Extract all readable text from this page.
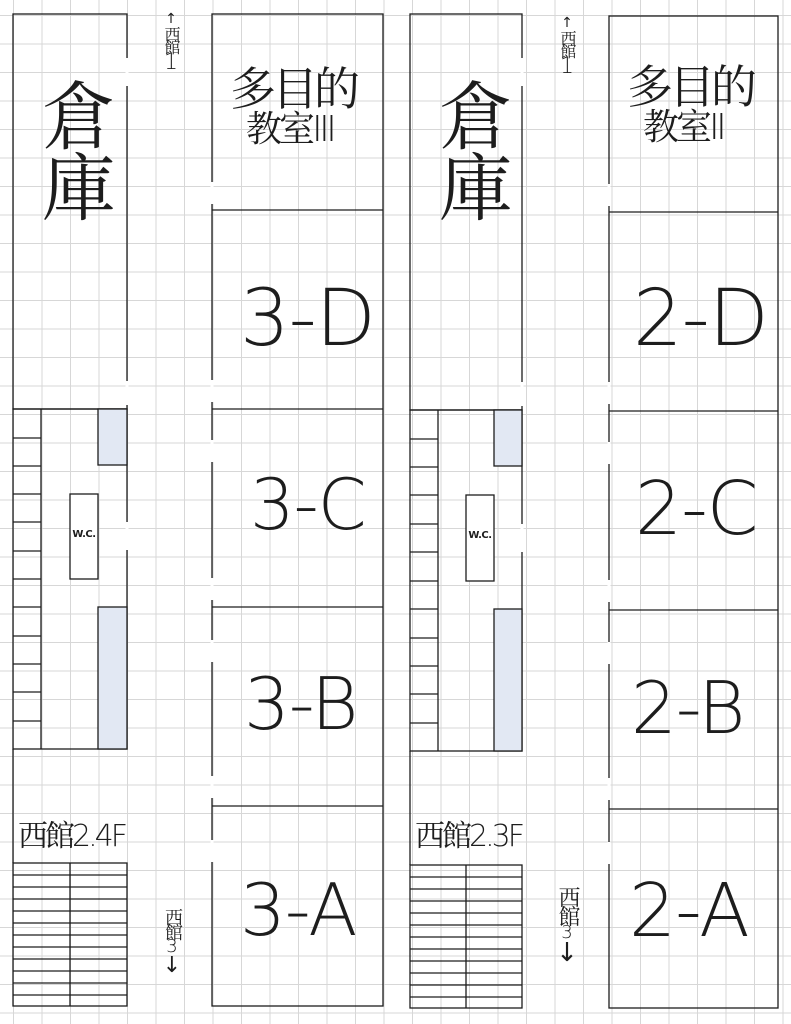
倉庫
W.C.
西館2.4F
↑
西館
1
西館
3
↓
多目的
教室Ⅲ
3-D
3-C
3-B
3-A
倉庫
W.C.
西館2.3F
↑
西館
1
西館
3
↓
多目的
教室Ⅱ
2-D
2-C
2-B
2-A
